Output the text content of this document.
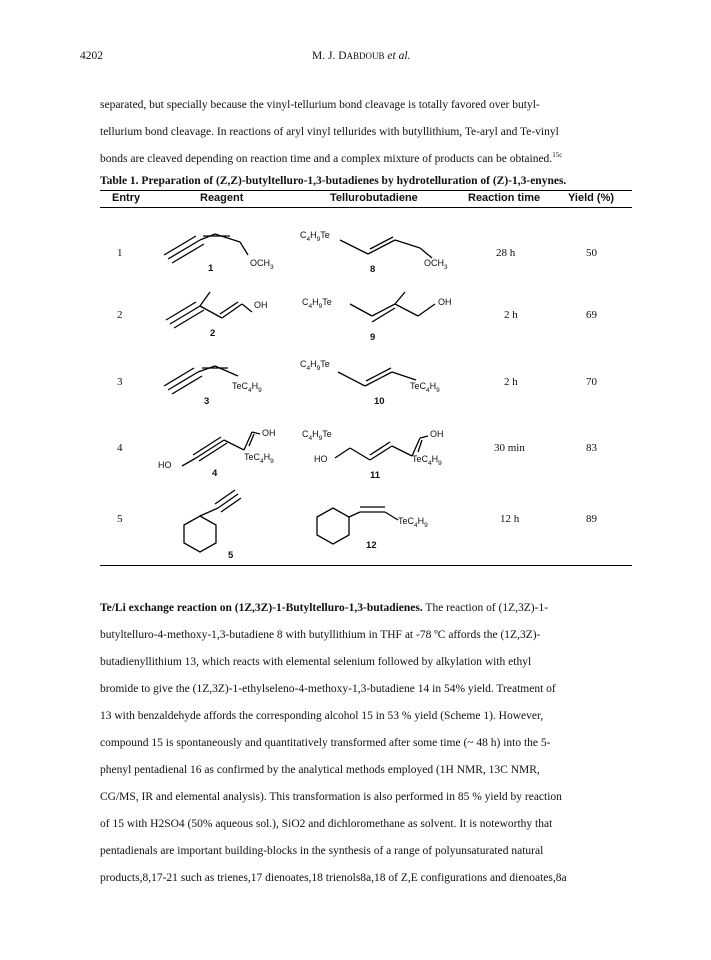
4202	M. J. DABDOUB et al.
separated, but specially because the vinyl-tellurium bond cleavage is totally favored over butyl-
tellurium bond cleavage. In reactions of aryl vinyl tellurides with butyllithium, Te-aryl and Te-vinyl
bonds are cleaved depending on reaction time and a complex mixture of products can be obtained.$^{15c}$
Table 1. Preparation of (Z,Z)-butyltelluro-1,3-butadienes by hydrotelluration of (Z)-1,3-enynes.
Entry	Reagent	Tellurobutadiene	Reaction time	Yield (%)
1	28 h	50
2	2 h	69
3	2 h	70
4	30 min	83
5	12 h	89
$OCH_3$
1
$C_4H_9Te$
$OCH_3$
8
OH
2
$C_4H_9Te$	OH
9
$TeC_4H_9$
3
$C_4H_9Te$
$TeC_4H_9$
10
HO
OH
$TeC_4H_9$
4
$C_4H_9Te$
HO
OH
$TeC_4H_9$
11
5
$TeC_4H_9$
12
Te/Li exchange reaction on (1Z,3Z)-1-Butyltelluro-1,3-butadienes. The reaction of (1Z,3Z)-1-
butyltelluro-4-methoxy-1,3-butadiene 8 with butyllithium in THF at -78 ºC affords the (1Z,3Z)-
butadienyllithium 13, which reacts with elemental selenium followed by alkylation with ethyl
bromide to give the (1Z,3Z)-1-ethylseleno-4-methoxy-1,3-butadiene 14 in 54% yield. Treatment of
13 with benzaldehyde affords the corresponding alcohol 15 in 53 % yield (Scheme 1). However,
compound 15 is spontaneously and quantitatively transformed after some time (~ 48 h) into the 5-
phenyl pentadienal 16 as confirmed by the analytical methods employed (1H NMR, 13C NMR,
CG/MS, IR and elemental analysis). This transformation is also performed in 85 % yield by reaction
of 15 with H2SO4 (50% aqueous sol.), SiO2 and dichloromethane as solvent. It is noteworthy that
pentadienals are important building-blocks in the synthesis of a range of polyunsaturated natural
products,8,17-21 such as trienes,17 dienoates,18 trienols8a,18 of Z,E configurations and dienoates,8a
